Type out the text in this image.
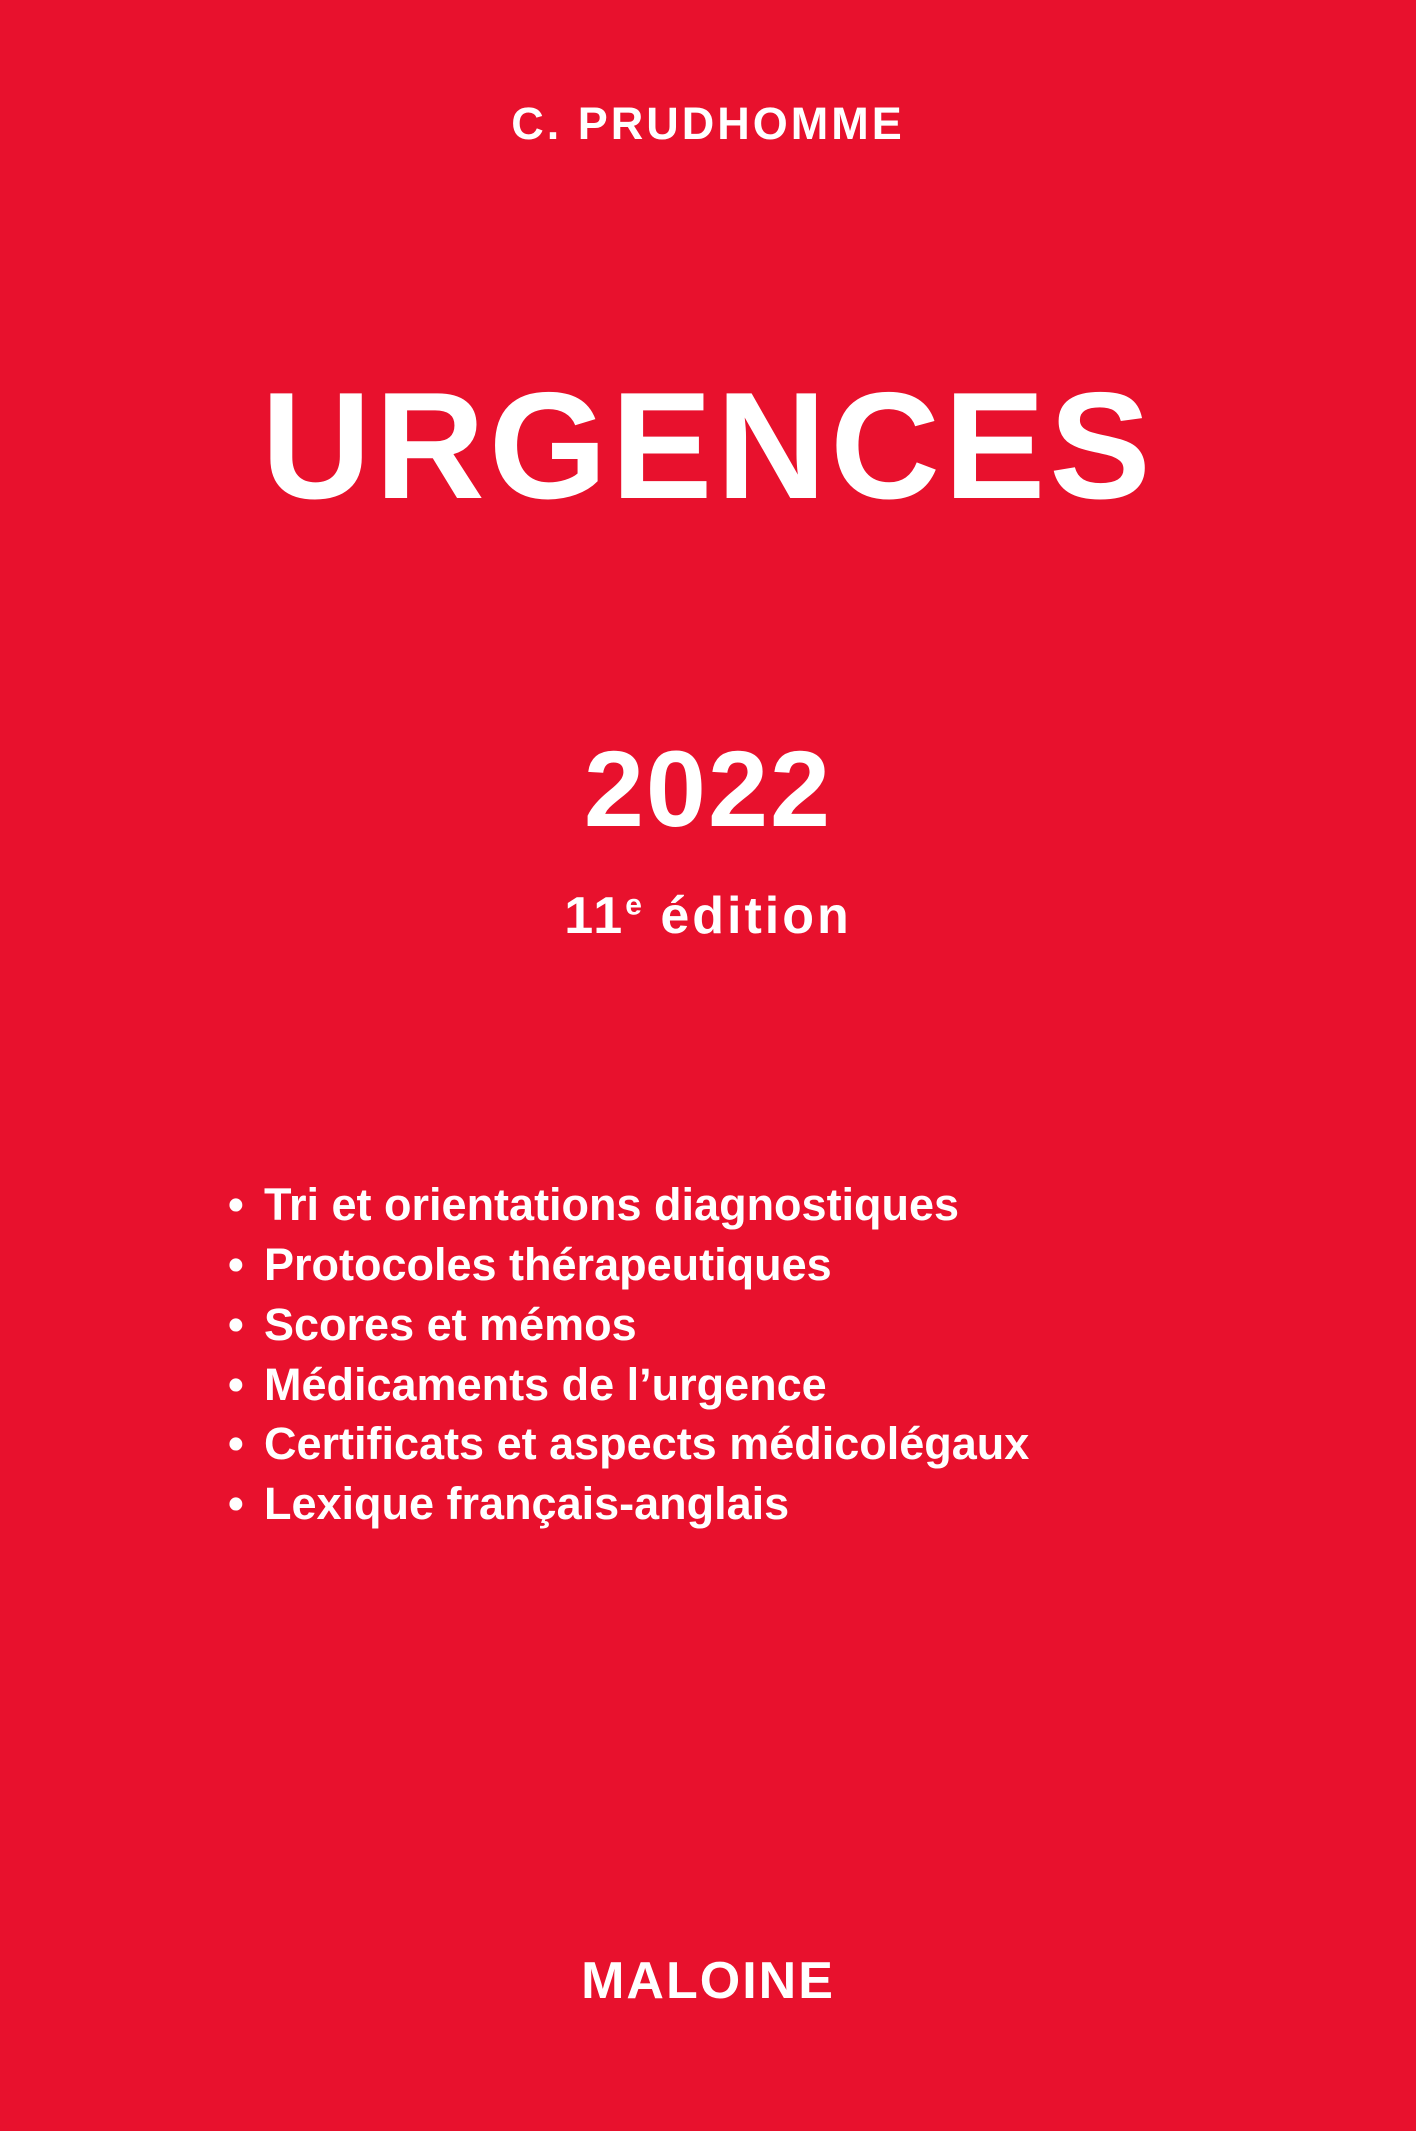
C. PRUDHOMME
URGENCES
2022
11e édition
• Tri et orientations diagnostiques
• Protocoles thérapeutiques
• Scores et mémos
• Médicaments de l’urgence
• Certificats et aspects médicolégaux
• Lexique français-anglais
MALOINE
